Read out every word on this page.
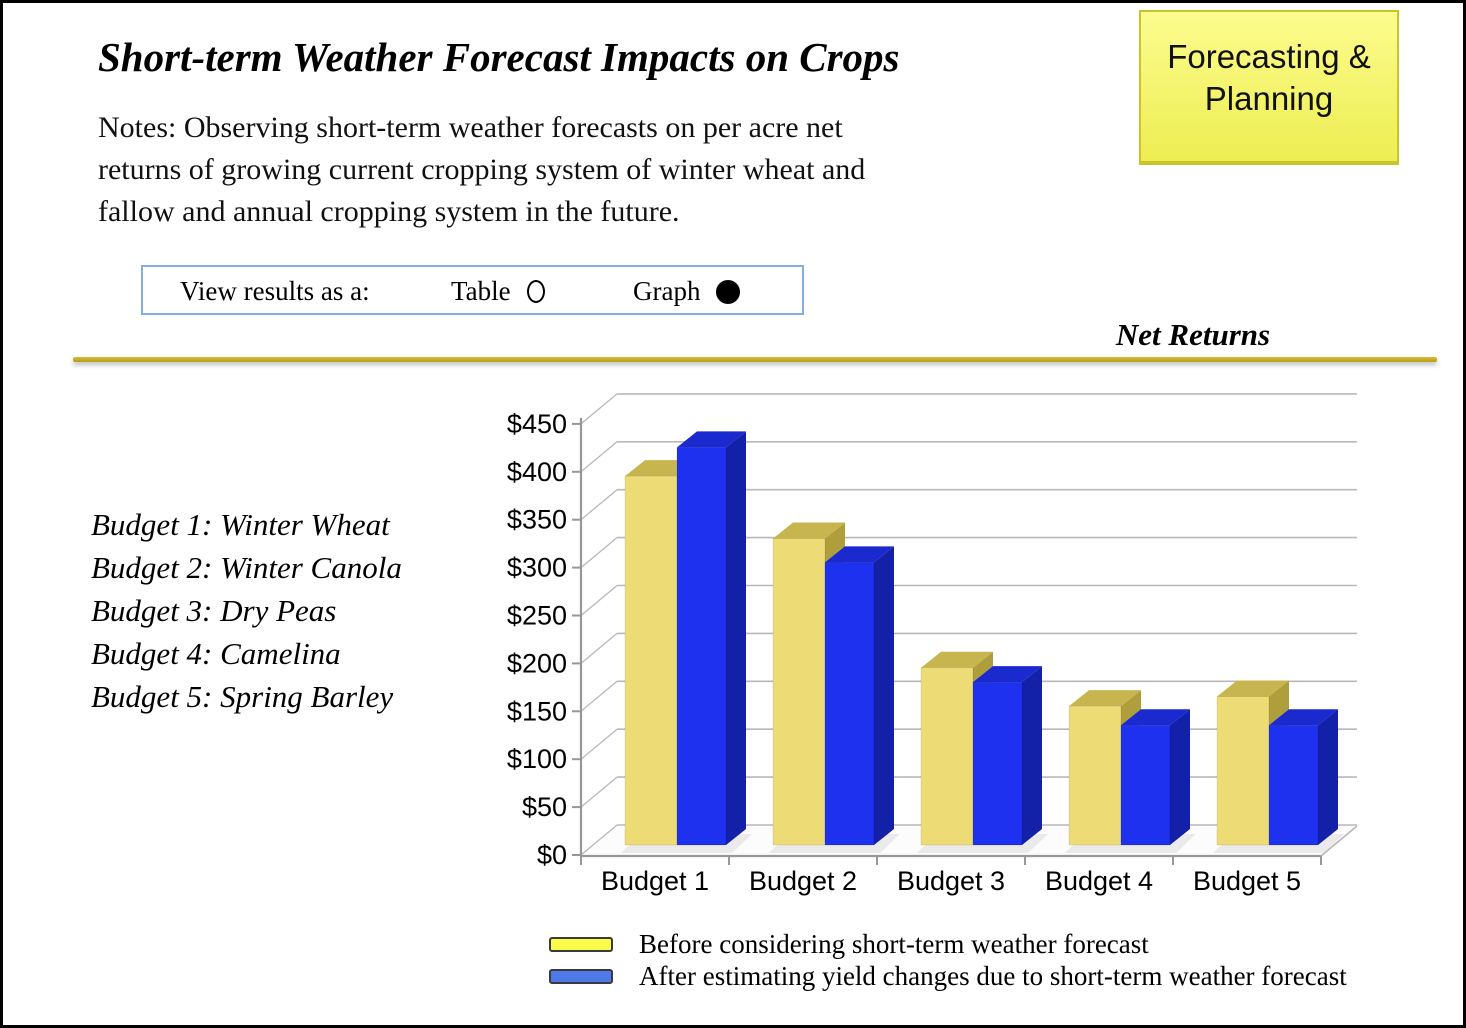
Short-term Weather Forecast Impacts on Crops	Forecasting &
Planning
Notes: Observing short-term weather forecasts on per acre net
returns of growing current cropping system of winter wheat and
fallow and annual cropping system in the future.
View results as a:	Table	Graph
Net Returns
Budget 1: Winter Wheat
Budget 2: Winter Canola
Budget 3: Dry Peas
Budget 4: Camelina
Budget 5: Spring Barley
$0
$50
$100
$150
$200
$250
$300
$350
$400
$450
Budget 1 Budget 2 Budget 3 Budget 4 Budget 5
Before considering short-term weather forecast
After estimating yield changes due to short-term weather forecast
